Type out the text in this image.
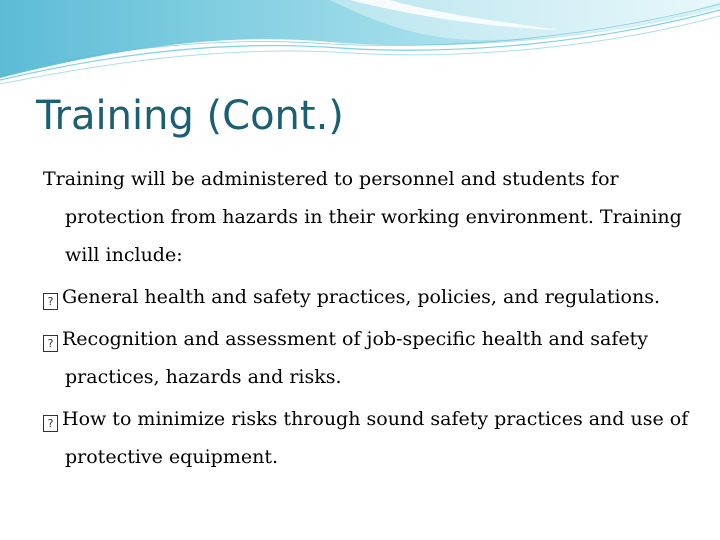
Training (Cont.)

Training will be administered to personnel and students for protection from hazards in their working environment. Training will include:

? General health and safety practices, policies, and regulations.

? Recognition and assessment of job-specific health and safety practices, hazards and risks.

? How to minimize risks through sound safety practices and use of protective equipment.
